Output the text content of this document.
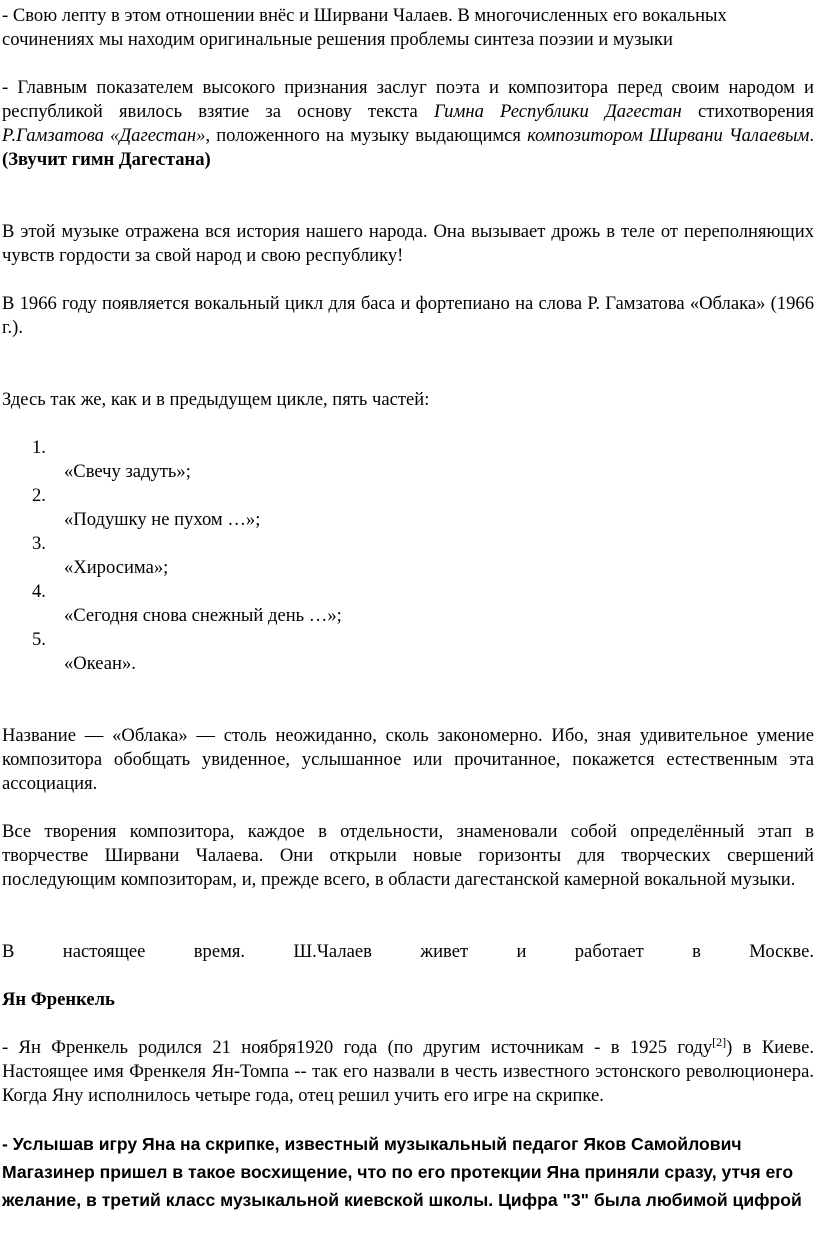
- Свою лепту в этом отношении внёс и Ширвани Чалаев. В многочисленных его вокальных сочинениях мы находим оригинальные решения проблемы синтеза поэзии и музыки

- Главным показателем высокого признания заслуг поэта и композитора перед своим народом и республикой явилось взятие за основу текста Гимна Республики Дагестан стихотворения Р.Гамзатова «Дагестан», положенного на музыку выдающимся композитором Ширвани Чалаевым. (Звучит гимн Дагестана)

В этой музыке отражена вся история нашего народа. Она вызывает дрожь в теле от переполняющих чувств гордости за свой народ и свою республику!

В 1966 году появляется вокальный цикл для баса и фортепиано на слова Р. Гамзатова «Облака» (1966 г.).

Здесь так же, как и в предыдущем цикле, пять частей:

1.
«Свечу задуть»;
2.
«Подушку не пухом …»;
3.
«Хиросима»;
4.
«Сегодня снова снежный день …»;
5.
«Океан».

Название — «Облака» — столь неожиданно, сколь закономерно. Ибо, зная удивительное умение композитора обобщать увиденное, услышанное или прочитанное, покажется естественным эта ассоциация.

Все творения композитора, каждое в отдельности, знаменовали собой определённый этап в творчестве Ширвани Чалаева. Они открыли новые горизонты для творческих свершений последующим композиторам, и, прежде всего, в области дагестанской камерной вокальной музыки.

В настоящее время. Ш.Чалаев живет и работает в Москве.

Ян Френкель

- Ян Френкель родился 21 ноября1920 года (по другим источникам - в 1925 году[2]) в Киеве. Настоящее имя Френкеля Ян-Томпа -- так его назвали в честь известного эстонского революционера. Когда Яну исполнилось четыре года, отец решил учить его игре на скрипке.

- Услышав игру Яна на скрипке, известный музыкальный педагог Яков Самойлович Магазинер пришел в такое восхищение, что по его протекции Яна приняли сразу, утчя его желание, в третий класс музыкальной киевской школы. Цифра "3" была любимой цифрой
